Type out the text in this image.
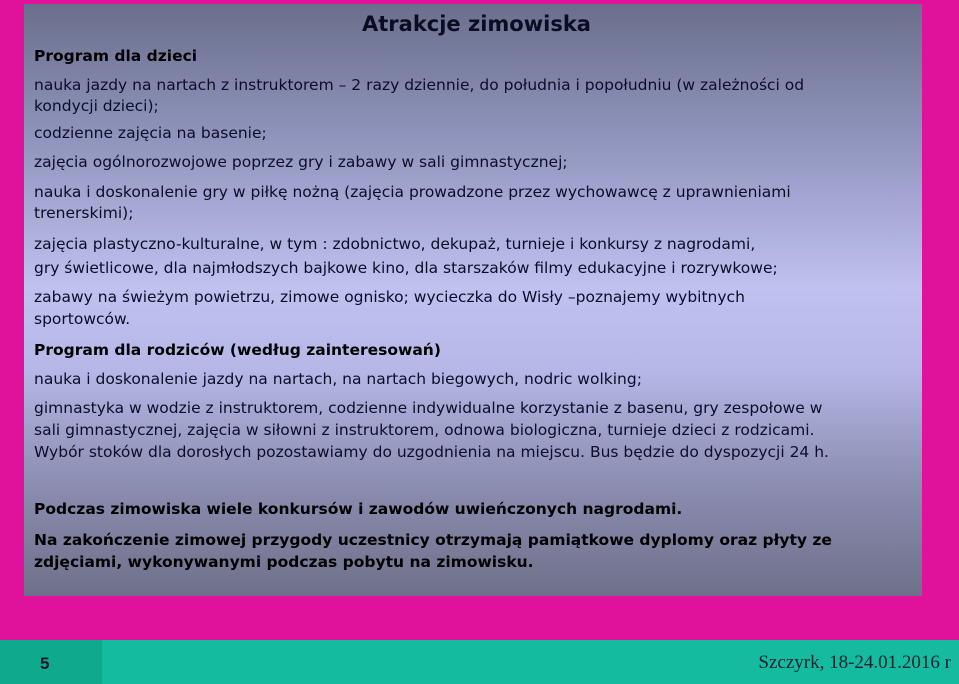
Atrakcje zimowiska
Program dla dzieci
nauka jazdy na nartach z instruktorem – 2 razy dziennie, do południa i popołudniu (w zależności od
kondycji dzieci);
codzienne zajęcia na basenie;
zajęcia ogólnorozwojowe poprzez gry i zabawy w sali gimnastycznej;
nauka i doskonalenie gry w piłkę nożną (zajęcia prowadzone przez wychowawcę z uprawnieniami
trenerskimi);
zajęcia plastyczno-kulturalne, w tym : zdobnictwo, dekupaż, turnieje i konkursy z nagrodami,
gry świetlicowe, dla najmłodszych bajkowe kino, dla starszaków filmy edukacyjne i rozrywkowe;
zabawy na świeżym powietrzu, zimowe ognisko; wycieczka do Wisły –poznajemy wybitnych
sportowców.
Program dla rodziców (według zainteresowań)
nauka i doskonalenie jazdy na nartach, na nartach biegowych, nodric wolking;
gimnastyka w wodzie z instruktorem, codzienne indywidualne korzystanie z basenu, gry zespołowe w
sali gimnastycznej, zajęcia w siłowni z instruktorem, odnowa biologiczna, turnieje dzieci z rodzicami.
Wybór stoków dla dorosłych pozostawiamy do uzgodnienia na miejscu. Bus będzie do dyspozycji 24 h.
Podczas zimowiska wiele konkursów i zawodów uwieńczonych nagrodami.
Na zakończenie zimowej przygody uczestnicy otrzymają pamiątkowe dyplomy oraz płyty ze
zdjęciami, wykonywanymi podczas pobytu na zimowisku.
5	Szczyrk, 18-24.01.2016 r
